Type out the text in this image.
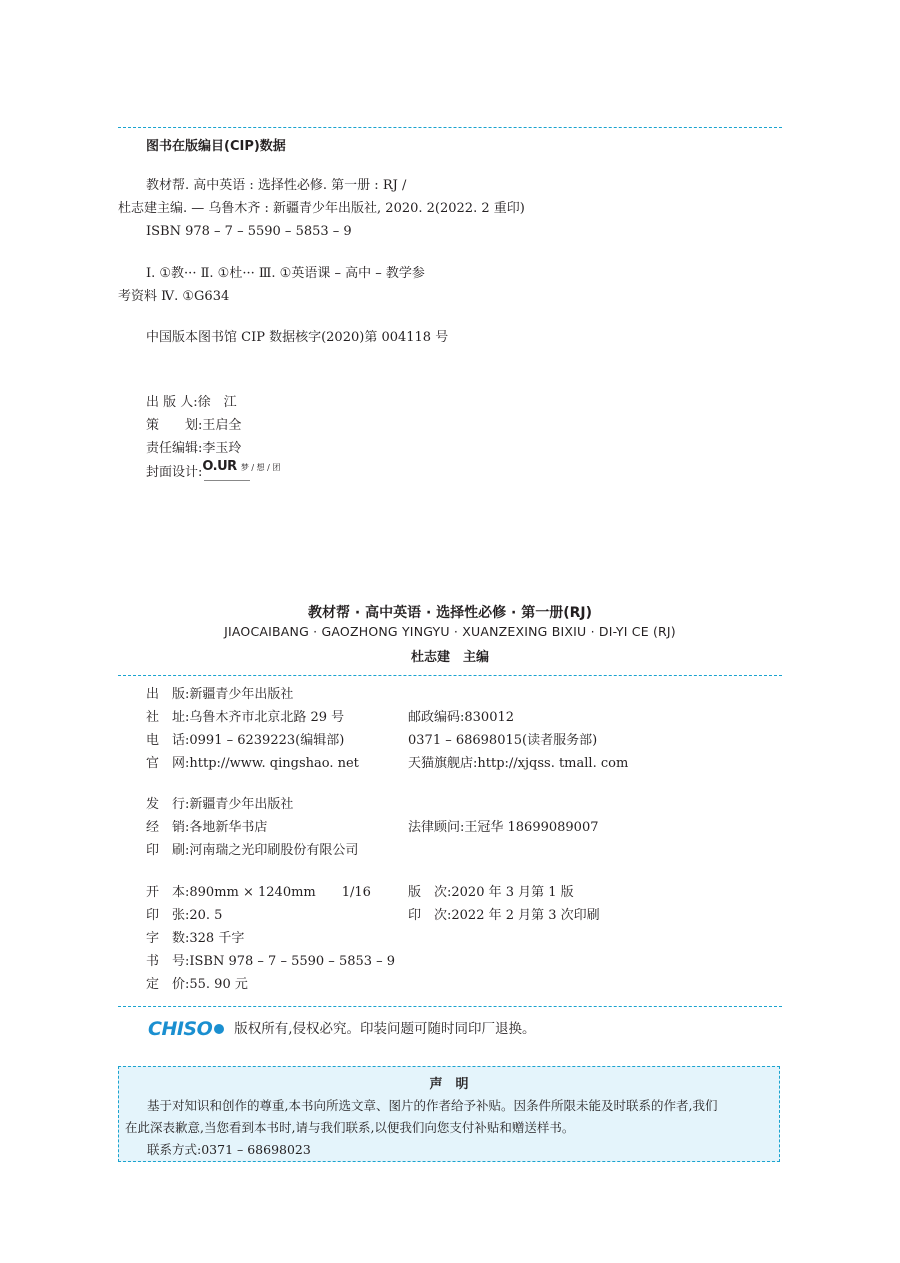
图书在版编目(CIP)数据
教材帮. 高中英语 : 选择性必修. 第一册 : RJ /
杜志建主编. — 乌鲁木齐 : 新疆青少年出版社, 2020. 2(2022. 2 重印)
ISBN 978 – 7 – 5590 – 5853 – 9
Ⅰ. ①教··· Ⅱ. ①杜··· Ⅲ. ①英语课 – 高中 – 教学参
考资料 Ⅳ. ①G634
中国版本图书馆 CIP 数据核字(2020)第 004118 号
出 版 人:徐　江
策　　划:王启全
责任编辑:李玉玲
封面设计: O.UR 梦 / 想 / 团

教材帮 · 高中英语 · 选择性必修 · 第一册(RJ)
JIAOCAIBANG · GAOZHONG YINGYU · XUANZEXING BIXIU · DI-YI CE (RJ)
杜志建　主编
出　版:新疆青少年出版社
社　址:乌鲁木齐市北京北路 29 号
电　话:0991 – 6239223(编辑部)
官　网:http://www. qingshao. net
发　行:新疆青少年出版社
经　销:各地新华书店
印　刷:河南瑞之光印刷股份有限公司
开　本:890mm × 1240mm　　1/16
印　张:20. 5
字　数:328 千字
书　号:ISBN 978 – 7 – 5590 – 5853 – 9
定　价:55. 90 元
邮政编码:830012
0371 – 68698015(读者服务部)
天猫旗舰店:http://xjqss. tmall. com
法律顾问:王冠华 18699089007
版　次:2020 年 3 月第 1 版
印　次:2022 年 2 月第 3 次印刷
CHISO 版权所有,侵权必究。印装问题可随时同印厂退换。
声　明
基于对知识和创作的尊重,本书向所选文章、图片的作者给予补贴。因条件所限未能及时联系的作者,我们
在此深表歉意,当您看到本书时,请与我们联系,以便我们向您支付补贴和赠送样书。
联系方式:0371 – 68698023
